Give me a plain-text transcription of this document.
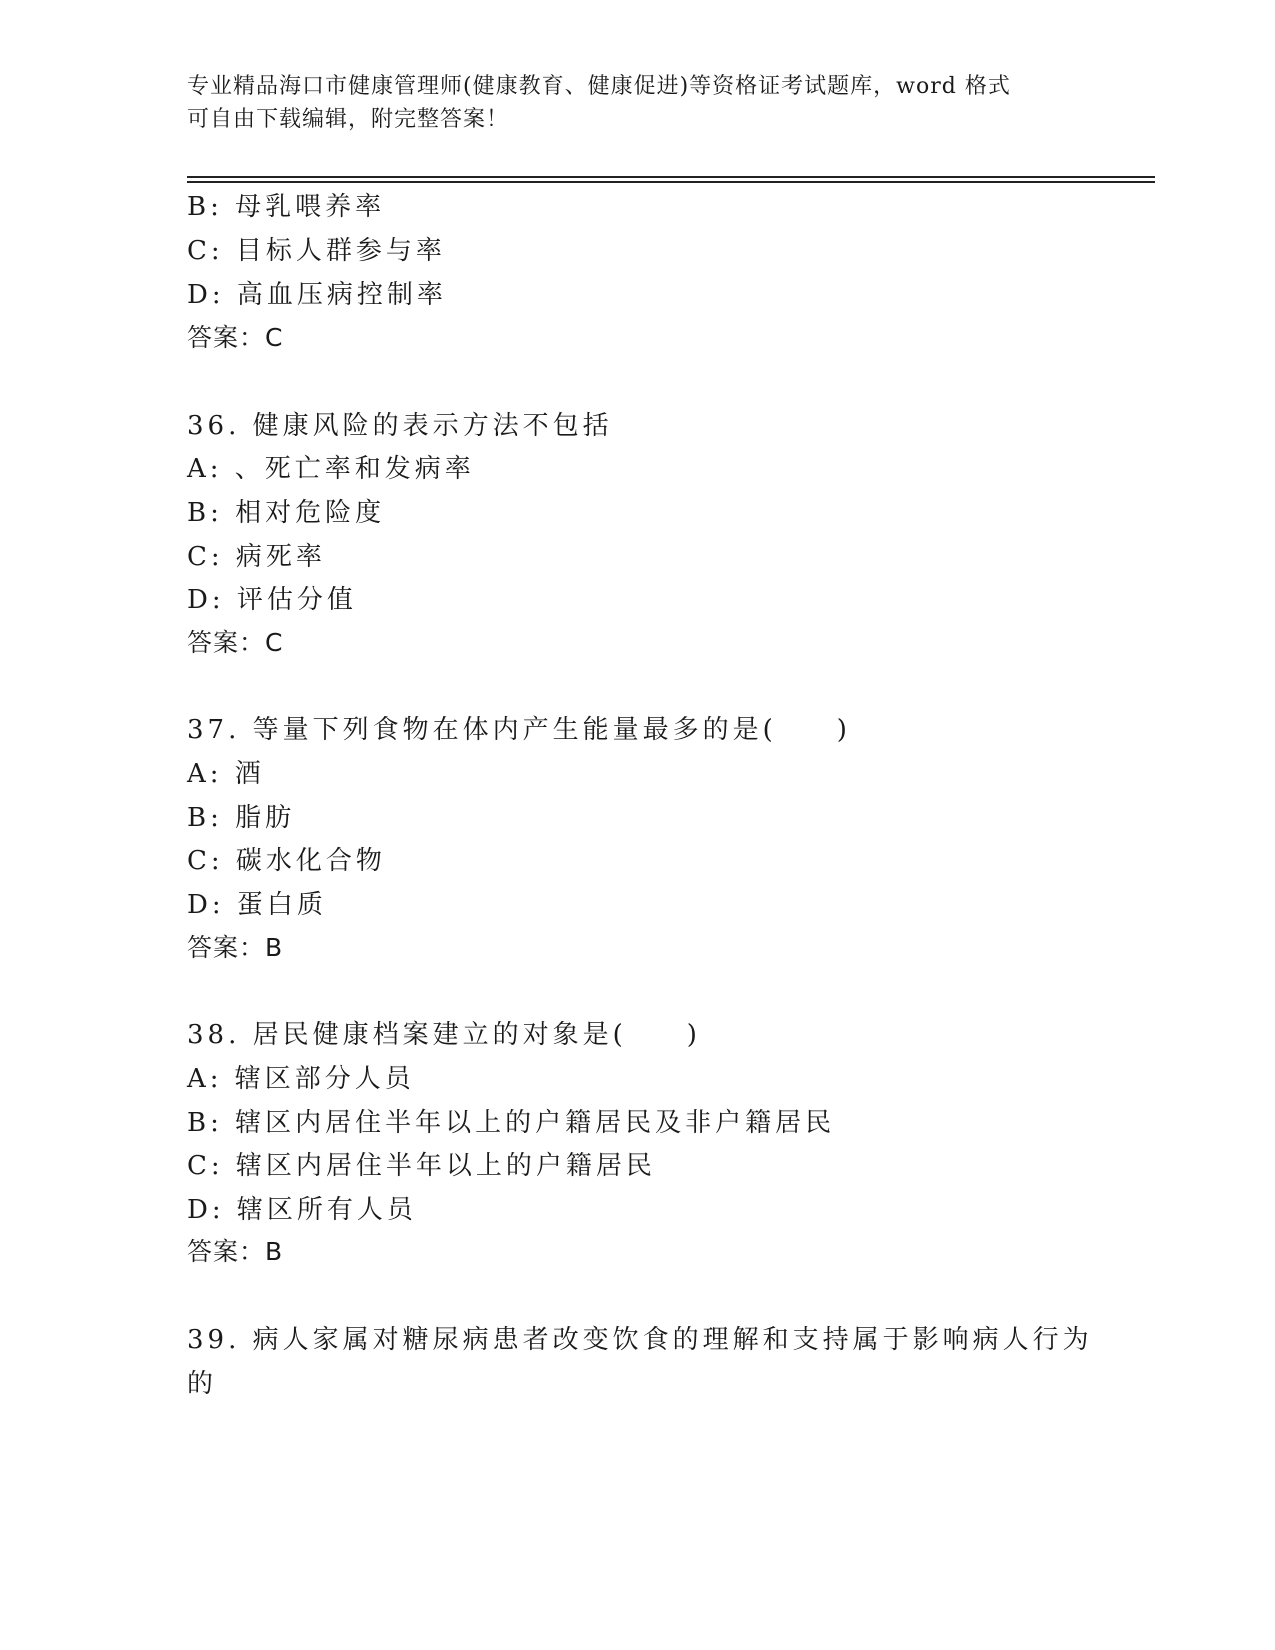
专业精品海口市健康管理师(健康教育、健康促进)等资格证考试题库，word 格式
可自由下载编辑，附完整答案！
B: 母乳喂养率
C: 目标人群参与率
D: 高血压病控制率
答案：C
36. 健康风险的表示方法不包括
A: 、死亡率和发病率
B: 相对危险度
C: 病死率
D: 评估分值
答案：C
37. 等量下列食物在体内产生能量最多的是(　　)
A: 酒
B: 脂肪
C: 碳水化合物
D: 蛋白质
答案：B
38. 居民健康档案建立的对象是(　　)
A: 辖区部分人员
B: 辖区内居住半年以上的户籍居民及非户籍居民
C: 辖区内居住半年以上的户籍居民
D: 辖区所有人员
答案：B
39. 病人家属对糖尿病患者改变饮食的理解和支持属于影响病人行为
的
